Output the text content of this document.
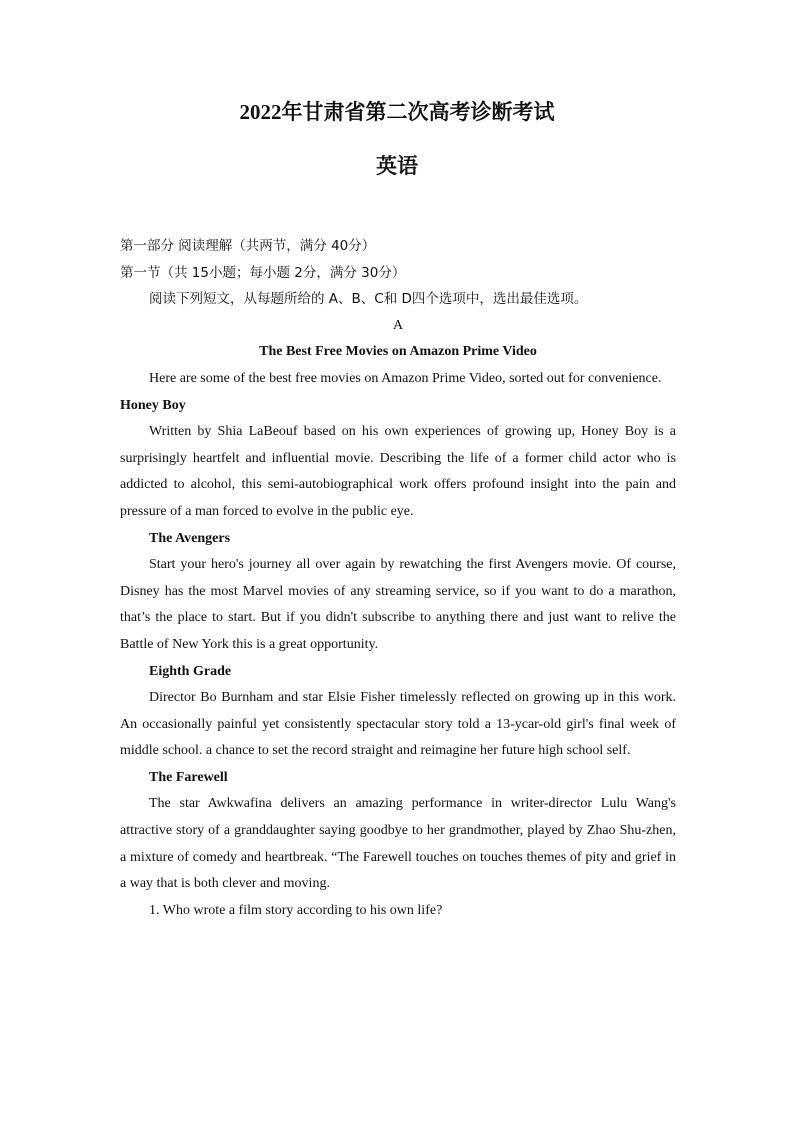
2022年甘肃省第二次高考诊断考试
英语

第一部分 阅读理解（共两节，满分 40分）

第一节（共 15小题；每小题 2分，满分 30分）

阅读下列短文，从每题所给的 A、B、C和 D四个选项中，选出最佳选项。

A

The Best Free Movies on Amazon Prime Video

Here are some of the best free movies on Amazon Prime Video, sorted out for convenience.

Honey Boy

Written by Shia LaBeouf based on his own experiences of growing up, Honey Boy is a surprisingly heartfelt and influential movie. Describing the life of a former child actor who is addicted to alcohol, this semi-autobiographical work offers profound insight into the pain and pressure of a man forced to evolve in the public eye.

The Avengers

Start your hero's journey all over again by rewatching the first Avengers movie. Of course, Disney has the most Marvel movies of any streaming service, so if you want to do a marathon, that’s the place to start. But if you didn't subscribe to anything there and just want to relive the Battle of New York this is a great opportunity.

Eighth Grade

Director Bo Burnham and star Elsie Fisher timelessly reflected on growing up in this work. An occasionally painful yet consistently spectacular story told a 13-ycar-old girl's final week of middle school. a chance to set the record straight and reimagine her future high school self.

The Farewell

The star Awkwafina delivers an amazing performance in writer-director Lulu Wang's attractive story of a granddaughter saying goodbye to her grandmother, played by Zhao Shu-zhen, a mixture of comedy and heartbreak. “The Farewell touches on touches themes of pity and grief in a way that is both clever and moving.

1. Who wrote a film story according to his own life?
